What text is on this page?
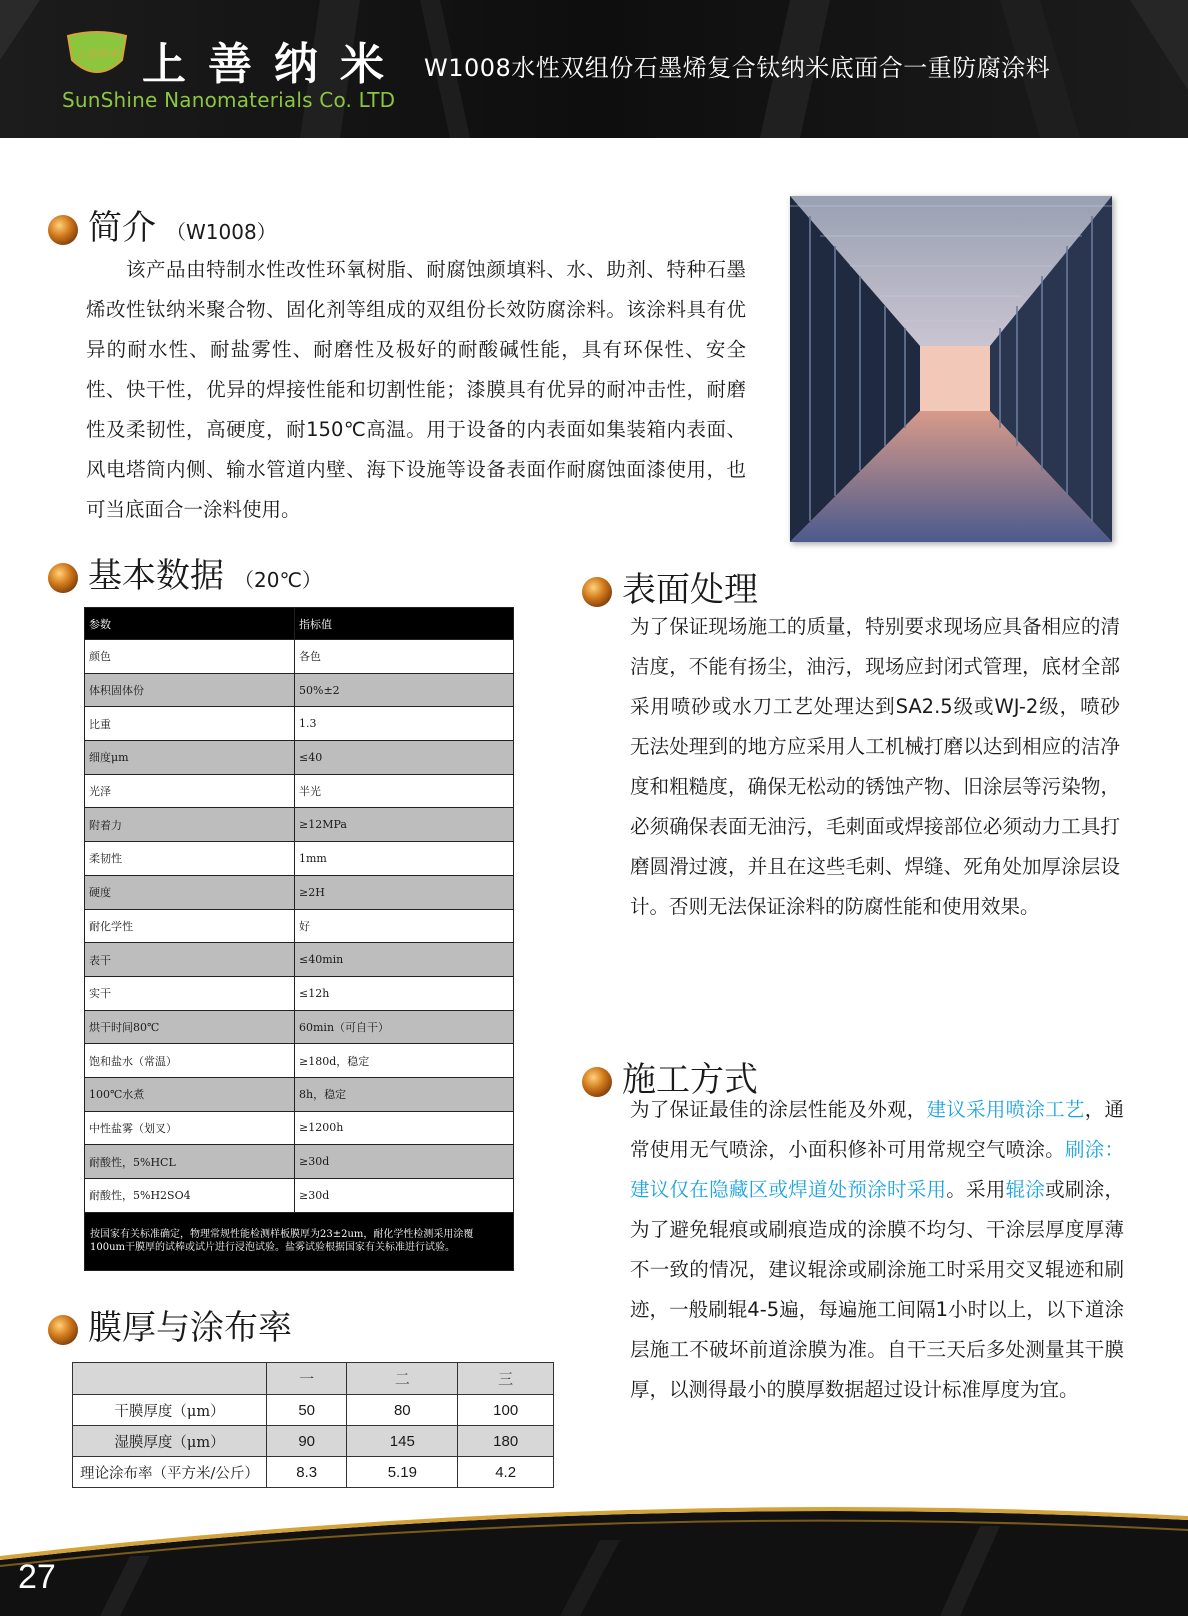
上善纳米 上善纳米
SunShine Nanomaterials Co. LTD
W1008水性双组份石墨烯复合钛纳米底面合一重防腐涂料
简介 （W1008）
　　该产品由特制水性改性环氧树脂、耐腐蚀颜填料、水、助剂、特种石墨烯改性钛纳米聚合物、固化剂等组成的双组份长效防腐涂料。该涂料具有优异的耐水性、耐盐雾性、耐磨性及极好的耐酸碱性能，具有环保性、安全性、快干性，优异的焊接性能和切割性能；漆膜具有优异的耐冲击性，耐磨性及柔韧性，高硬度，耐150℃高温。用于设备的内表面如集装箱内表面、风电塔筒内侧、输水管道内壁、海下设施等设备表面作耐腐蚀面漆使用，也可当底面合一涂料使用。
基本数据 （20℃）
参数	指标值
颜色	各色
体积固体份	50%±2
比重	1.3
细度μm	≤40
光泽	半光
附着力	≥12MPa
柔韧性	1mm
硬度	≥2H
耐化学性	好
表干	≤40min
实干	≤12h
烘干时间80℃	60min（可自干）
饱和盐水（常温）	≥180d，稳定
100℃水煮	8h，稳定
中性盐雾（划叉）	≥1200h
耐酸性，5%HCL	≥30d
耐酸性，5%H2SO4	≥30d
按国家有关标准确定，物理常规性能检测样板膜厚为23±2um，耐化学性检测采用涂覆100um干膜厚的试棒或试片进行浸泡试验。盐雾试验根据国家有关标准进行试验。	
膜厚与涂布率
	一	二	三
干膜厚度（μm）	50	80	100
湿膜厚度（μm）	90	145	180
理论涂布率（平方米/公斤）	8.3	5.19	4.2
表面处理
为了保证现场施工的质量，特别要求现场应具备相应的清洁度，不能有扬尘，油污，现场应封闭式管理，底材全部采用喷砂或水刀工艺处理达到SA2.5级或WJ-2级，喷砂无法处理到的地方应采用人工机械打磨以达到相应的洁净度和粗糙度，确保无松动的锈蚀产物、旧涂层等污染物，必须确保表面无油污，毛刺面或焊接部位必须动力工具打磨圆滑过渡，并且在这些毛刺、焊缝、死角处加厚涂层设计。否则无法保证涂料的防腐性能和使用效果。
施工方式
为了保证最佳的涂层性能及外观，建议采用喷涂工艺，通常使用无气喷涂，小面积修补可用常规空气喷涂。刷涂：建议仅在隐藏区或焊道处预涂时采用。采用辊涂或刷涂，为了避免辊痕或刷痕造成的涂膜不均匀、干涂层厚度厚薄不一致的情况，建议辊涂或刷涂施工时采用交叉辊迹和刷迹，一般刷辊4-5遍，每遍施工间隔1小时以上，以下道涂层施工不破坏前道涂膜为准。自干三天后多处测量其干膜厚，以测得最小的膜厚数据超过设计标准厚度为宜。
27
